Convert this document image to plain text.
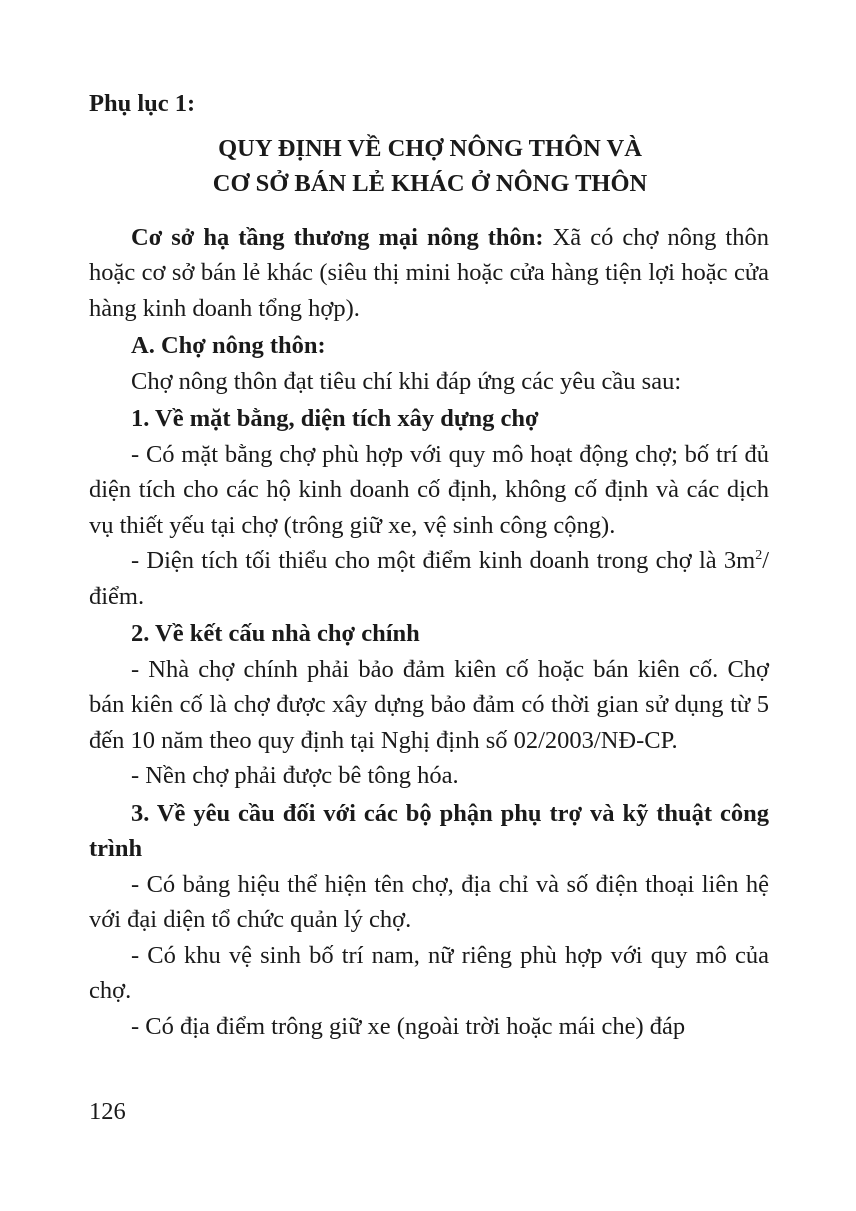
Phụ lục 1:
QUY ĐỊNH VỀ CHỢ NÔNG THÔN VÀ
CƠ SỞ BÁN LẺ KHÁC Ở NÔNG THÔN

Cơ sở hạ tầng thương mại nông thôn: Xã có chợ nông thôn hoặc cơ sở bán lẻ khác (siêu thị mini hoặc cửa hàng tiện lợi hoặc cửa hàng kinh doanh tổng hợp).

A. Chợ nông thôn:

Chợ nông thôn đạt tiêu chí khi đáp ứng các yêu cầu sau:

1. Về mặt bằng, diện tích xây dựng chợ

- Có mặt bằng chợ phù hợp với quy mô hoạt động chợ; bố trí đủ diện tích cho các hộ kinh doanh cố định, không cố định và các dịch vụ thiết yếu tại chợ (trông giữ xe, vệ sinh công cộng).

- Diện tích tối thiểu cho một điểm kinh doanh trong chợ là $3m^2$/điểm.

2. Về kết cấu nhà chợ chính

- Nhà chợ chính phải bảo đảm kiên cố hoặc bán kiên cố. Chợ bán kiên cố là chợ được xây dựng bảo đảm có thời gian sử dụng từ 5 đến 10 năm theo quy định tại Nghị định số 02/2003/NĐ-CP.

- Nền chợ phải được bê tông hóa.

3. Về yêu cầu đối với các bộ phận phụ trợ và kỹ thuật công trình

- Có bảng hiệu thể hiện tên chợ, địa chỉ và số điện thoại liên hệ với đại diện tổ chức quản lý chợ.

- Có khu vệ sinh bố trí nam, nữ riêng phù hợp với quy mô của chợ.

- Có địa điểm trông giữ xe (ngoài trời hoặc mái che) đáp

126
